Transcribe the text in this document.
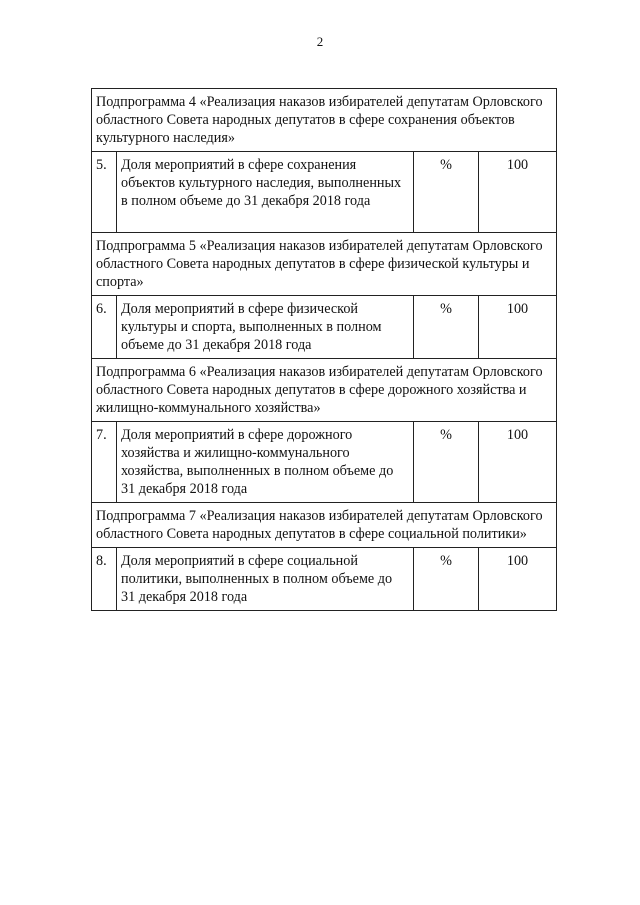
2
Подпрограмма 4 «Реализация наказов избирателей депутатам Орловского областного Совета народных депутатов в сфере сохранения объектов культурного наследия»			
5.	Доля мероприятий в сфере сохранения объектов культурного наследия, выполненных в полном объеме до 31 декабря 2018 года	%	100
Подпрограмма 5 «Реализация наказов избирателей депутатам Орловского областного Совета народных депутатов в сфере физической культуры и спорта»			
6.	Доля мероприятий в сфере физической культуры и спорта, выполненных в полном объеме до 31 декабря 2018 года	%	100
Подпрограмма 6 «Реализация наказов избирателей депутатам Орловского областного Совета народных депутатов в сфере дорожного хозяйства и жилищно-коммунального хозяйства»			
7.	Доля мероприятий в сфере дорожного хозяйства и жилищно-коммунального хозяйства, выполненных в полном объеме до 31 декабря 2018 года	%	100
Подпрограмма 7 «Реализация наказов избирателей депутатам Орловского областного Совета народных депутатов в сфере социальной политики»			
8.	Доля мероприятий в сфере социальной политики, выполненных в полном объеме до 31 декабря 2018 года	%	100
